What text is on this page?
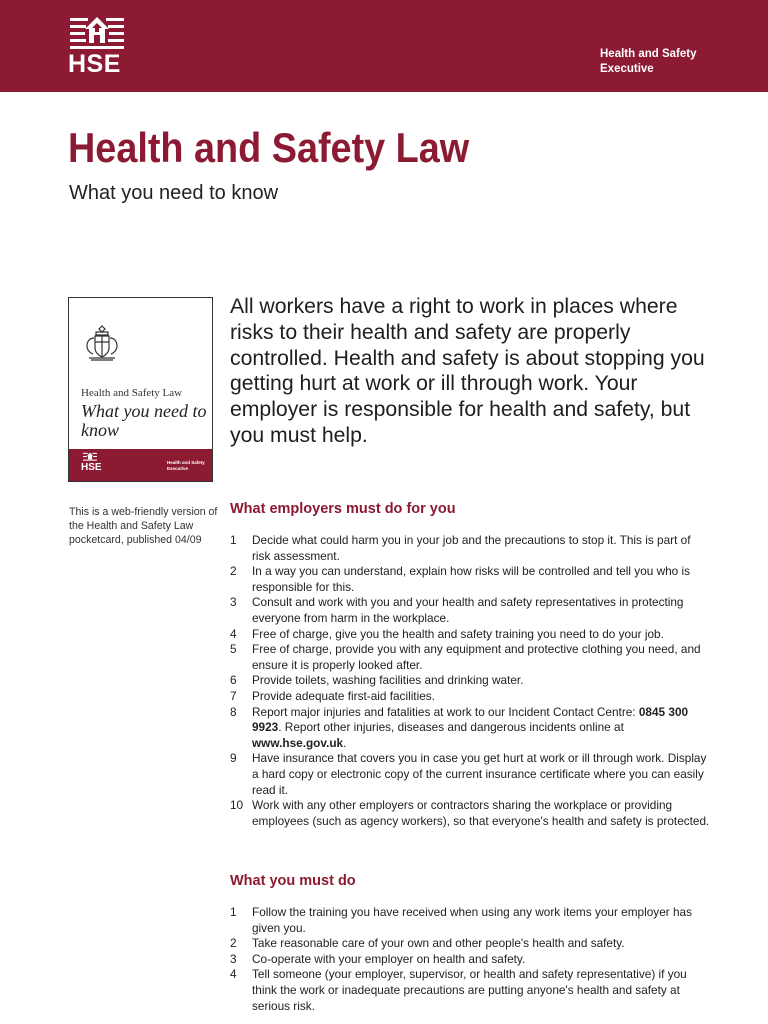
HSE	Health and Safety
Executive
Health and Safety Law

What you need to know

Health and Safety Law
What you need to know
HSE	Health and Safety
Executive

All workers have a right to work in places where risks to their health and safety are properly controlled. Health and safety is about stopping you getting hurt at work or ill through work. Your employer is responsible for health and safety, but you must help.

This is a web-friendly version of the Health and Safety Law pocketcard, published 04/09

What employers must do for you
1	Decide what could harm you in your job and the precautions to stop it. This is part of risk assessment.
2	In a way you can understand, explain how risks will be controlled and tell you who is responsible for this.
3	Consult and work with you and your health and safety representatives in protecting everyone from harm in the workplace.
4	Free of charge, give you the health and safety training you need to do your job.
5	Free of charge, provide you with any equipment and protective clothing you need, and ensure it is properly looked after.
6	Provide toilets, washing facilities and drinking water.
7	Provide adequate first-aid facilities.
8	Report major injuries and fatalities at work to our Incident Contact Centre: 0845 300 9923. Report other injuries, diseases and dangerous incidents online at www.hse.gov.uk.
9	Have insurance that covers you in case you get hurt at work or ill through work. Display a hard copy or electronic copy of the current insurance certificate where you can easily read it.
10 Work with any other employers or contractors sharing the workplace or providing employees (such as agency workers), so that everyone's health and safety is protected.
What you must do
1	Follow the training you have received when using any work items your employer has given you.
2	Take reasonable care of your own and other people's health and safety.
3	Co-operate with your employer on health and safety.
4	Tell someone (your employer, supervisor, or health and safety representative) if you think the work or inadequate precautions are putting anyone's health and safety at serious risk.
